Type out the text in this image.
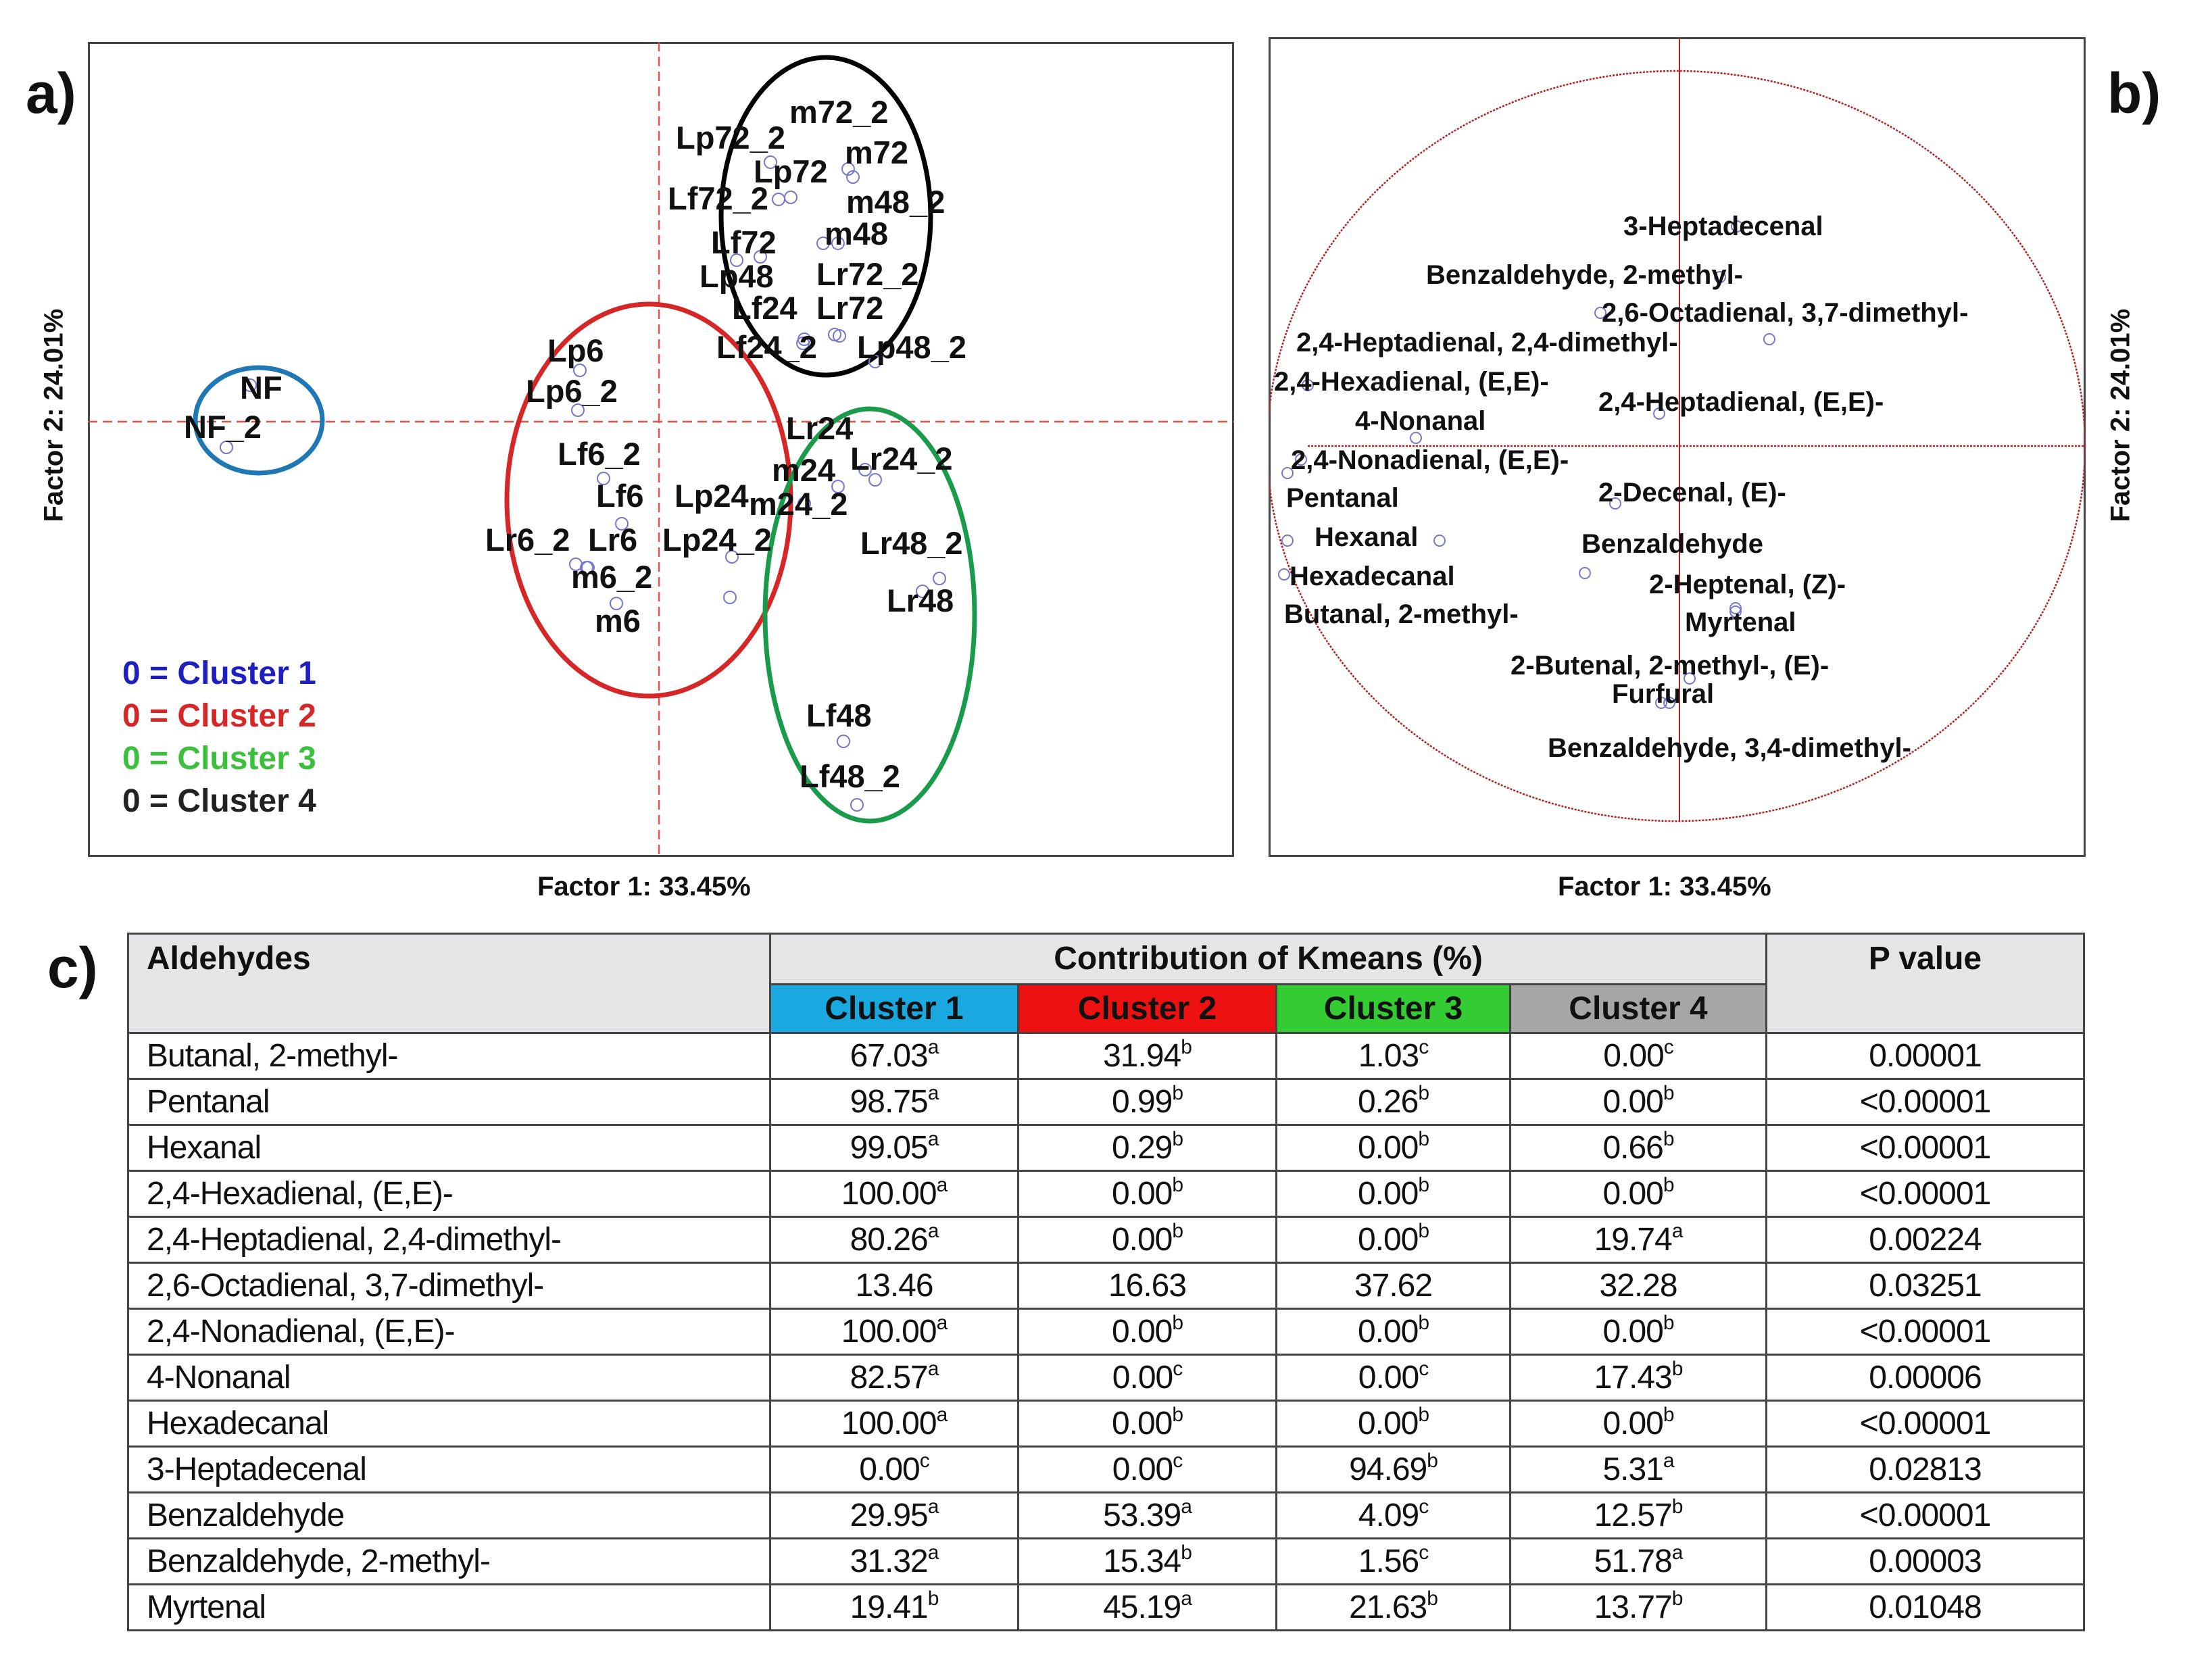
a)
NF
NF_2
Lp6
Lp6_2
Lf6_2
Lf6 Lp24
Lp24_2
Lr6_2 Lr6
m6_2
m6
Lr24
Lr24_2
m24
m24_2
Lr48_2
Lr48
Lf48
Lf48_2
m72_2
Lp72_2 m72
Lp72
Lf72_2 m48_2
m48
Lf72
Lp48 Lr72_2
Lf24 Lr72
Lf24_2 Lp48_2
0 = Cluster 1
0 = Cluster 2
0 = Cluster 3
0 = Cluster 4
Factor 1: 33.45%
Factor 2: 24.01%
b)
3-Heptadecenal
Benzaldehyde, 2-methyl-
2,6-Octadienal, 3,7-dimethyl-
2,4-Heptadienal, 2,4-dimethyl-
2,4-Hexadienal, (E,E)-
2,4-Heptadienal, (E,E)-
4-Nonanal
2,4-Nonadienal, (E,E)-
Pentanal	2-Decenal, (E)-
Hexanal	Benzaldehyde
Hexadecanal	2-Heptenal, (Z)-
Myrtenal
Butanal, 2-methyl-
2-Butenal, 2-methyl-, (E)-
Furfural
Benzaldehyde, 3,4-dimethyl-
Factor 1: 33.45%
Factor 2: 24.01%
c) Aldehydes	Contribution of Kmeans (%)				P value
	Cluster 1	Cluster 2	Cluster 3	Cluster 4	
Butanal, 2-methyl-	67.03$^a$	31.94$^b$	1.03$^c$	0.00$^c$	0.00001
Pentanal	98.75$^a$	0.99$^b$	0.26$^b$	0.00$^b$	<0.00001
Hexanal	99.05$^a$	0.29$^b$	0.00$^b$	0.66$^b$	<0.00001
2,4-Hexadienal, (E,E)-	100.00$^a$	0.00$^b$	0.00$^b$	0.00$^b$	<0.00001
2,4-Heptadienal, 2,4-dimethyl-	80.26$^a$	0.00$^b$	0.00$^b$	19.74$^a$	0.00224
2,6-Octadienal, 3,7-dimethyl-	13.46	16.63	37.62	32.28	0.03251
2,4-Nonadienal, (E,E)-	100.00$^a$	0.00$^b$	0.00$^b$	0.00$^b$	<0.00001
4-Nonanal	82.57$^a$	0.00$^c$	0.00$^c$	17.43$^b$	0.00006
Hexadecanal	100.00$^a$	0.00$^b$	0.00$^b$	0.00$^b$	<0.00001
3-Heptadecenal	0.00$^c$	0.00$^c$	94.69$^b$	5.31$^a$	0.02813
Benzaldehyde	29.95$^a$	53.39$^a$	4.09$^c$	12.57$^b$	<0.00001
Benzaldehyde, 2-methyl-	31.32$^a$	15.34$^b$	1.56$^c$	51.78$^a$	0.00003
Myrtenal	19.41$^b$	45.19$^a$	21.63$^b$	13.77$^b$	0.01048
